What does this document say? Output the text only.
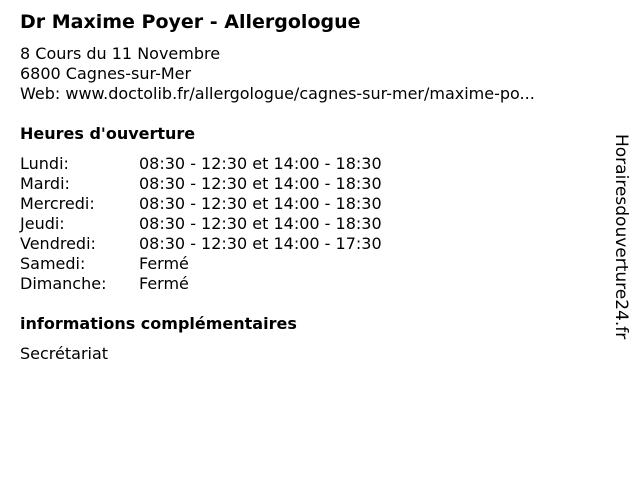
Dr Maxime Poyer - Allergologue
8 Cours du 11 Novembre
6800 Cagnes-sur-Mer
Web: www.doctolib.fr/allergologue/cagnes-sur-mer/maxime-po...
Heures d'ouverture
Lundi:	08:30 - 12:30 et 14:00 - 18:30
Mardi:	08:30 - 12:30 et 14:00 - 18:30
Mercredi:	08:30 - 12:30 et 14:00 - 18:30
Jeudi:	08:30 - 12:30 et 14:00 - 18:30
Vendredi:	08:30 - 12:30 et 14:00 - 17:30
Samedi:	Fermé
Dimanche: Fermé
informations complémentaires
Secrétariat
Horairesdouverture24.fr
